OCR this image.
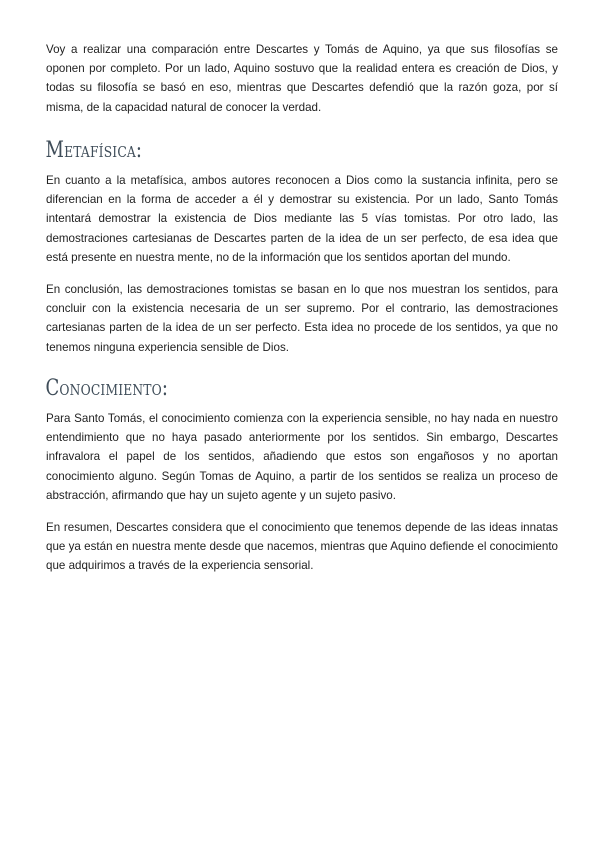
Voy a realizar una comparación entre Descartes y Tomás de Aquino, ya que sus filosofías se oponen por completo. Por un lado, Aquino sostuvo que la realidad entera es creación de Dios, y todas su filosofía se basó en eso, mientras que Descartes defendió que la razón goza, por sí misma, de la capacidad natural de conocer la verdad.

Metafísica:

En cuanto a la metafísica, ambos autores reconocen a Dios como la sustancia infinita, pero se diferencian en la forma de acceder a él y demostrar su existencia. Por un lado, Santo Tomás intentará demostrar la existencia de Dios mediante las 5 vías tomistas. Por otro lado, las demostraciones cartesianas de Descartes parten de la idea de un ser perfecto, de esa idea que está presente en nuestra mente, no de la información que los sentidos aportan del mundo.

En conclusión, las demostraciones tomistas se basan en lo que nos muestran los sentidos, para concluir con la existencia necesaria de un ser supremo. Por el contrario, las demostraciones cartesianas parten de la idea de un ser perfecto. Esta idea no procede de los sentidos, ya que no tenemos ninguna experiencia sensible de Dios.

Conocimiento:

Para Santo Tomás, el conocimiento comienza con la experiencia sensible, no hay nada en nuestro entendimiento que no haya pasado anteriormente por los sentidos. Sin embargo, Descartes infravalora el papel de los sentidos, añadiendo que estos son engañosos y no aportan conocimiento alguno. Según Tomas de Aquino, a partir de los sentidos se realiza un proceso de abstracción, afirmando que hay un sujeto agente y un sujeto pasivo.

En resumen, Descartes considera que el conocimiento que tenemos depende de las ideas innatas que ya están en nuestra mente desde que nacemos, mientras que Aquino defiende el conocimiento que adquirimos a través de la experiencia sensorial.
